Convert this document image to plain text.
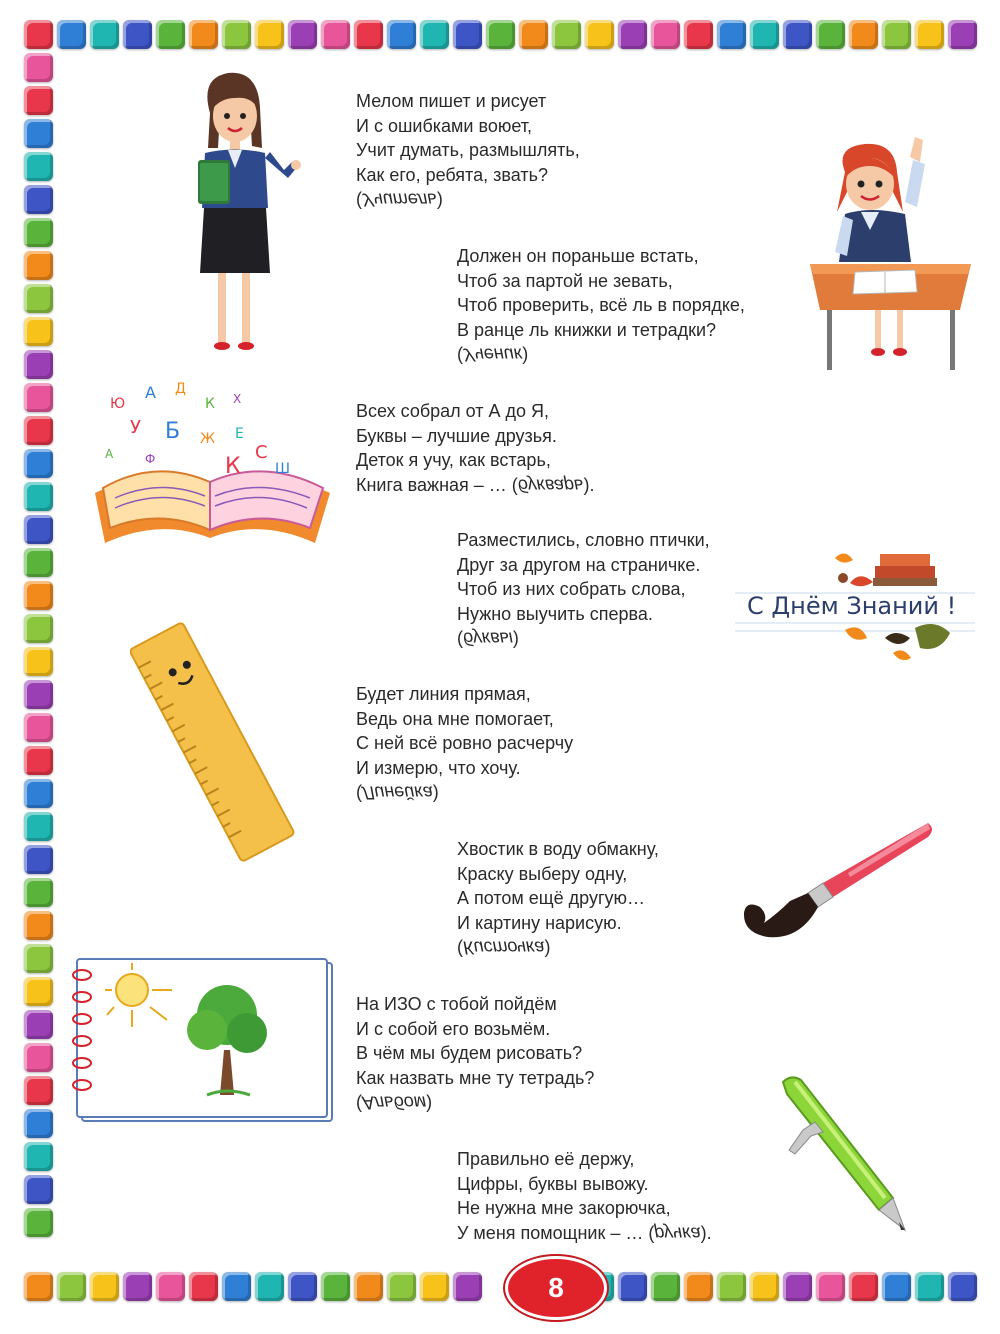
Мелом пишет и рисует
И с ошибками воюет,
Учит думать, размышлять,
Как его, ребята, звать?
(Учитель)
Должен он пораньше встать,
Чтоб за партой не зевать,
Чтоб проверить, всё ль в порядке,
В ранце ль книжки и тетрадки?
(Ученик)
Всех собрал от А до Я,
Буквы – лучшие друзья.
Деток я учу, как встарь,
Книга важная – … (букварь).
Разместились, словно птички,
Друг за другом на страничке.
Чтоб из них собрать слова,
Нужно выучить сперва.
(буквы)
Будет линия прямая,
Ведь она мне помогает,
С ней всё ровно расчерчу
И измерю, что хочу.
(Линейка)
Хвостик в воду обмакну,
Краску выберу одну,
А потом ещё другую…
И картину нарисую.
(Кисточка)
На ИЗО с тобой пойдём
И с собой его возьмём.
В чём мы будем рисовать?
Как назвать мне ту тетрадь?
(Альбом)
Правильно её держу,
Цифры, буквы вывожу.
Не нужна мне закорючка,
У меня помощник – … (ручка).
Ю
А Д
К Х
У Б Ж Е
С
А	Ф	К Ш
С Днём Знаний !
8
